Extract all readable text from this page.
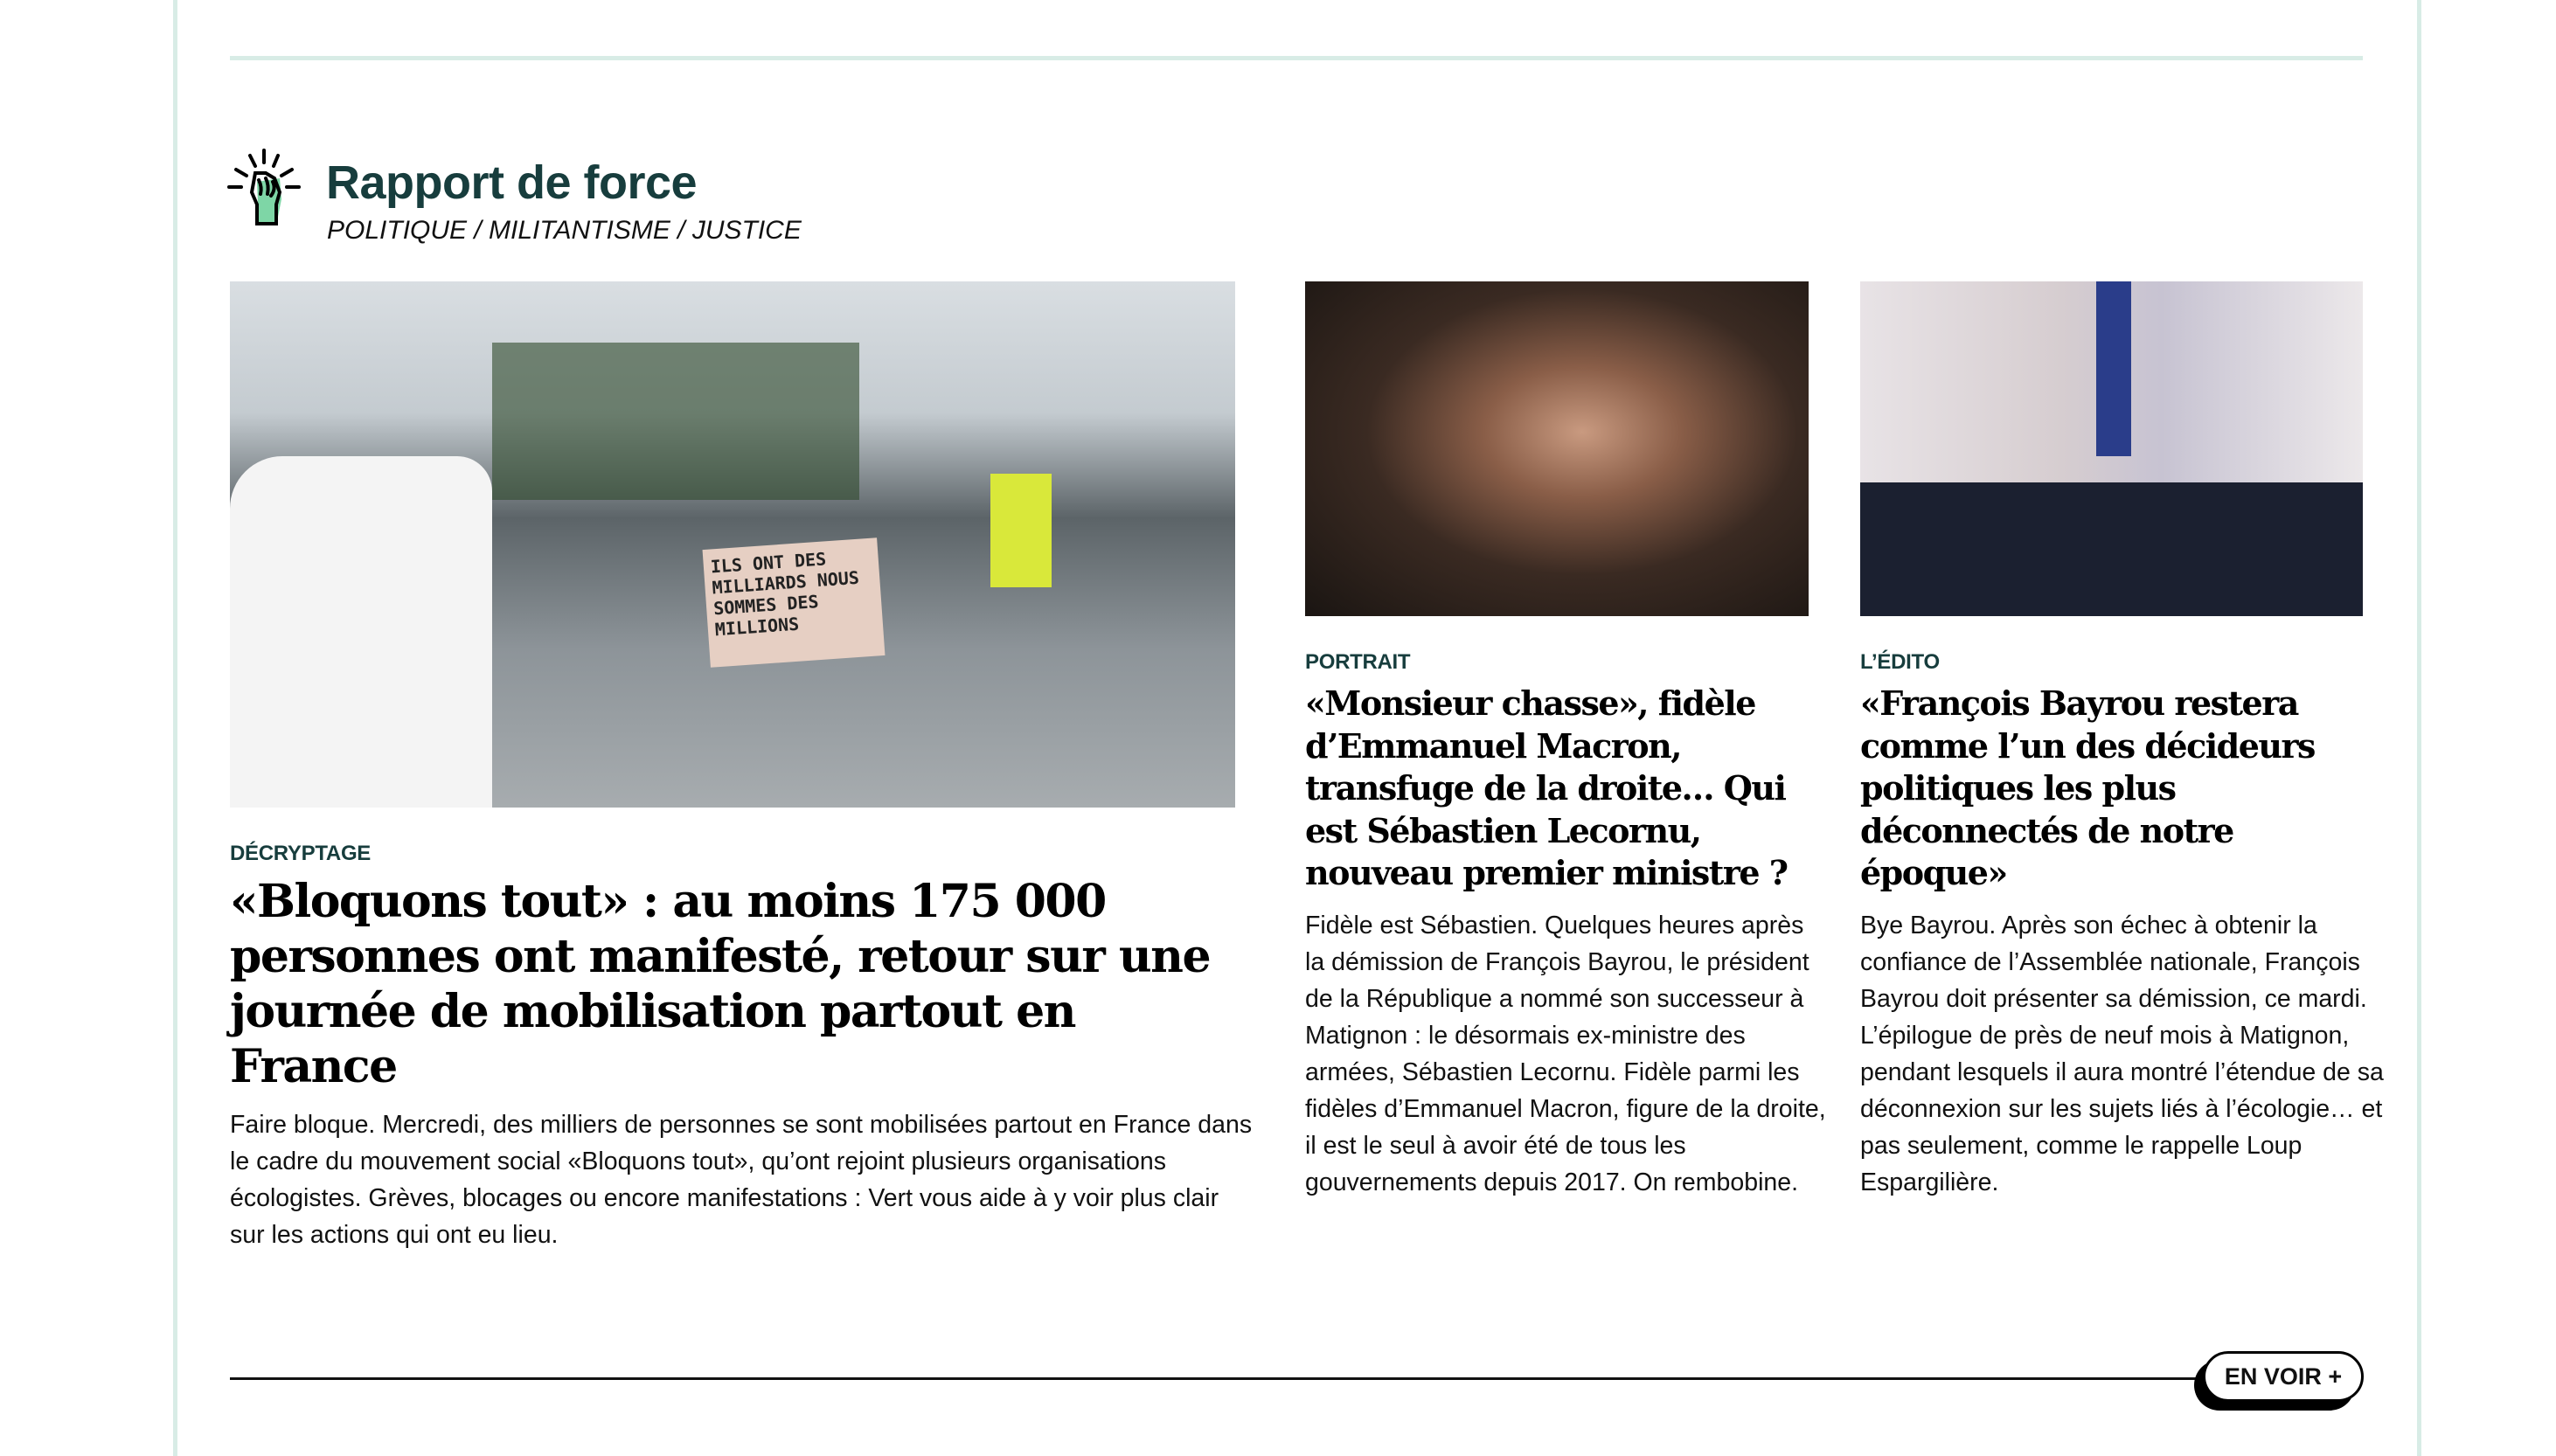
Rapport de force
POLITIQUE / MILITANTISME / JUSTICE
ILS ONT DES MILLIARDS NOUS SOMMES DES MILLIONS
DÉCRYPTAGE
«Bloquons tout» : au moins 175 000 personnes ont manifesté, retour sur une journée de mobilisation partout en France
Faire bloque. Mercredi, des milliers de personnes se sont mobilisées partout en France dans le cadre du mouvement social «Bloquons tout», qu’ont rejoint plusieurs organisations écologistes. Grèves, blocages ou encore manifestations : Vert vous aide à y voir plus clair sur les actions qui ont eu lieu.
PORTRAIT
«Monsieur chasse», fidèle d’Emmanuel Macron, transfuge de la droite… Qui est Sébastien Lecornu, nouveau premier ministre ?
Fidèle est Sébastien. Quelques heures après la démission de François Bayrou, le président de la République a nommé son successeur à Matignon : le désormais ex-ministre des armées, Sébastien Lecornu. Fidèle parmi les fidèles d’Emmanuel Macron, figure de la droite, il est le seul à avoir été de tous les gouvernements depuis 2017. On rembobine.
L’ÉDITO
«François Bayrou restera comme l’un des décideurs politiques les plus déconnectés de notre époque»
Bye Bayrou. Après son échec à obtenir la confiance de l’Assemblée nationale, François Bayrou doit présenter sa démission, ce mardi. L’épilogue de près de neuf mois à Matignon, pendant lesquels il aura montré l’étendue de sa déconnexion sur les sujets liés à l’écologie… et pas seulement, comme le rappelle Loup Espargilière.
EN VOIR +
